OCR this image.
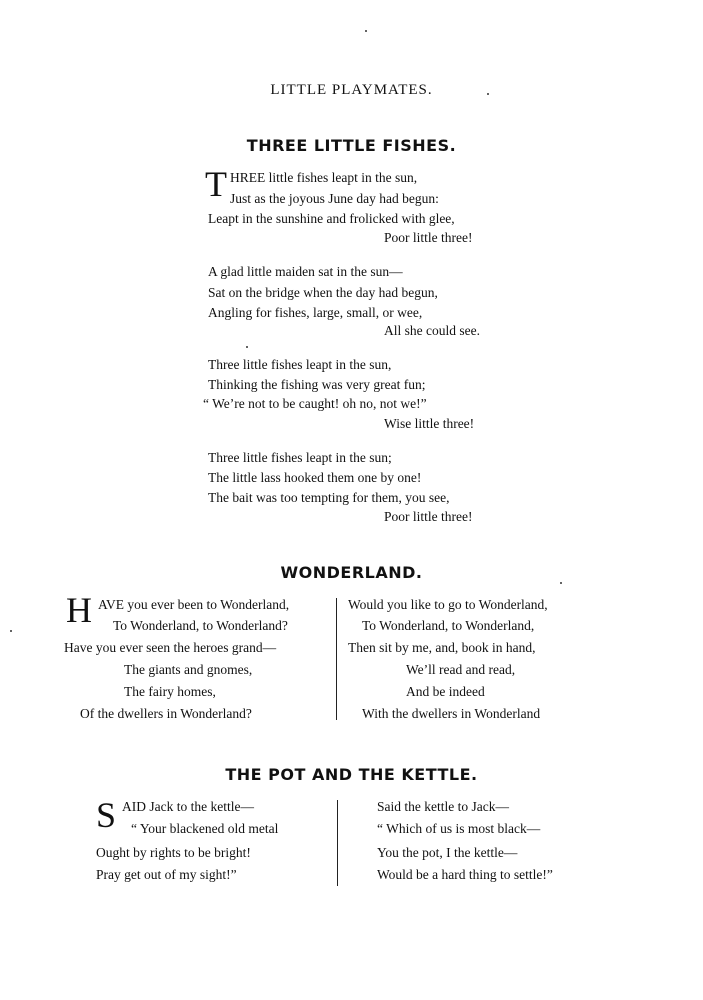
LITTLE PLAYMATES.
THREE LITTLE FISHES.
T HREE little fishes leapt in the sun,
Just as the joyous June day had begun:
Leapt in the sunshine and frolicked with glee,
Poor little three!
A glad little maiden sat in the sun—
Sat on the bridge when the day had begun,
Angling for fishes, large, small, or wee,
All she could see.
Three little fishes leapt in the sun,
Thinking the fishing was very great fun;
“ We’re not to be caught! oh no, not we!”
Wise little three!
Three little fishes leapt in the sun;
The little lass hooked them one by one!
The bait was too tempting for them, you see,
Poor little three!
WONDERLAND.
H AVE you ever been to Wonderland,
To Wonderland, to Wonderland?
Have you ever seen the heroes grand—
The giants and gnomes,
The fairy homes,
Of the dwellers in Wonderland?
Would you like to go to Wonderland,
To Wonderland, to Wonderland,
Then sit by me, and, book in hand,
We’ll read and read,
And be indeed
With the dwellers in Wonderland
THE POT AND THE KETTLE.
S AID Jack to the kettle—
“ Your blackened old metal
Ought by rights to be bright!
Pray get out of my sight!”
Said the kettle to Jack—
“ Which of us is most black—
You the pot, I the kettle—
Would be a hard thing to settle!”
